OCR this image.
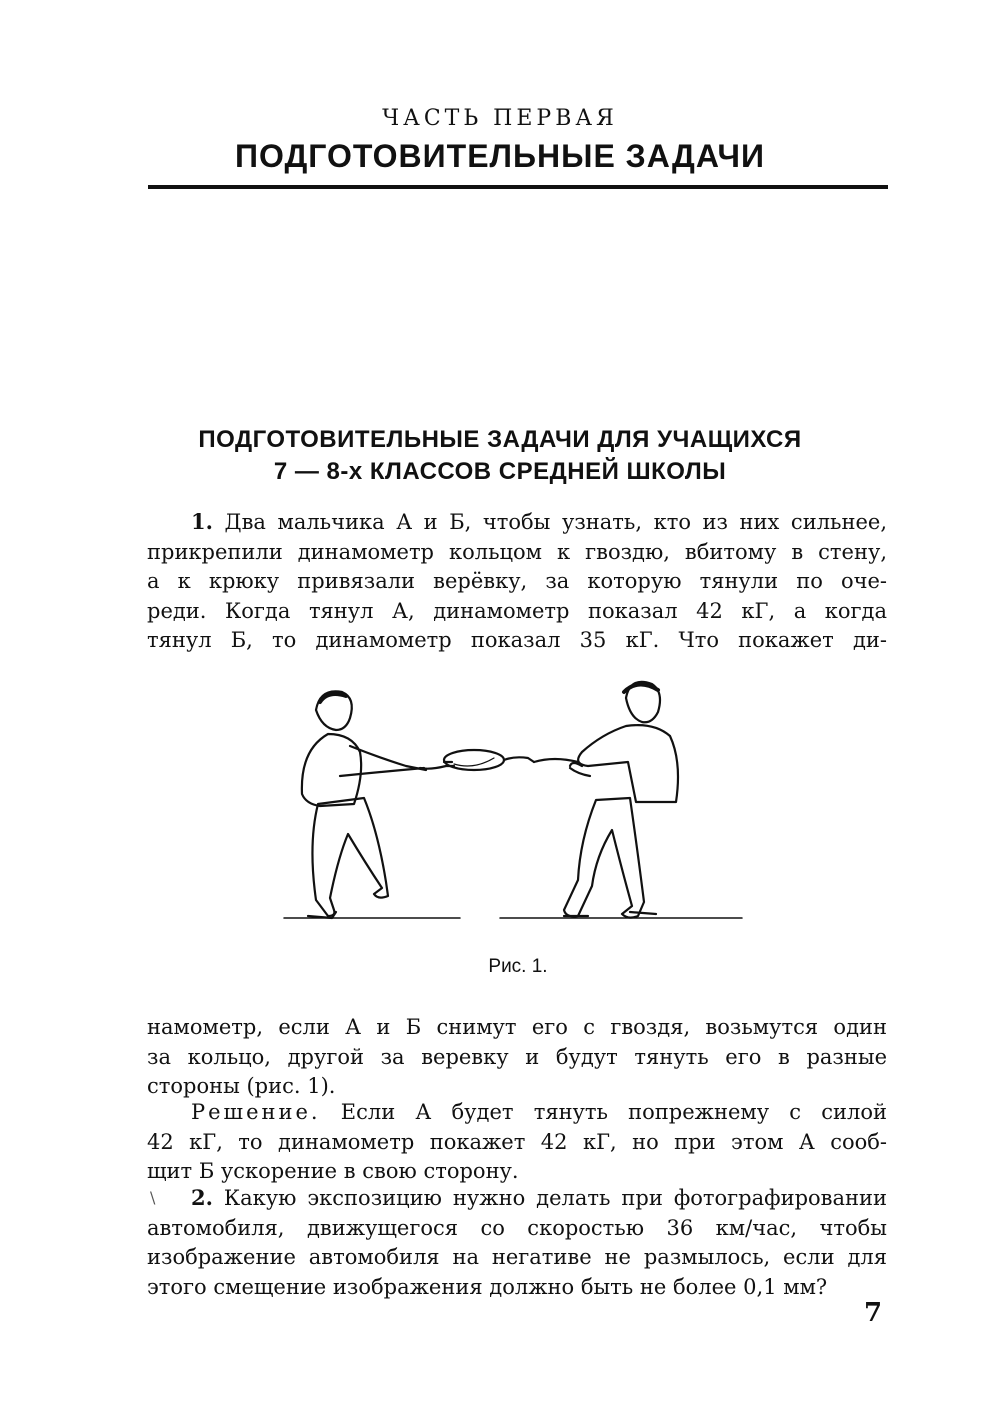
ЧАСТЬ ПЕРВАЯ
ПОДГОТОВИТЕЛЬНЫЕ ЗАДАЧИ
ПОДГОТОВИТЕЛЬНЫЕ ЗАДАЧИ ДЛЯ УЧАЩИХСЯ
7 — 8-х КЛАССОВ СРЕДНЕЙ ШКОЛЫ
1. Два мальчика А и Б, чтобы узнать, кто из них сильнее,
прикрепили динамометр кольцом к гвоздю, вбитому в стену,
а к крюку привязали верёвку, за которую тянули по оче-
реди. Когда тянул А, динамометр показал 42 кГ, а когда
тянул Б, то динамометр показал 35 кГ. Что покажет ди-
Рис. 1.
намометр, если А и Б снимут его с гвоздя, возьмутся один
за кольцо, другой за веревку и будут тянуть его в разные
стороны (рис. 1).
Решение. Если А будет тянуть попрежнему с силой
42 кГ, то динамометр покажет 42 кГ, но при этом А сооб-
щит Б ускорение в свою сторону.
\	2. Какую экспозицию нужно делать при фотографировании
автомобиля, движущегося со скоростью 36 км/час, чтобы
изображение автомобиля на негативе не размылось, если для
этого смещение изображения должно быть не более 0,1 мм?
7
